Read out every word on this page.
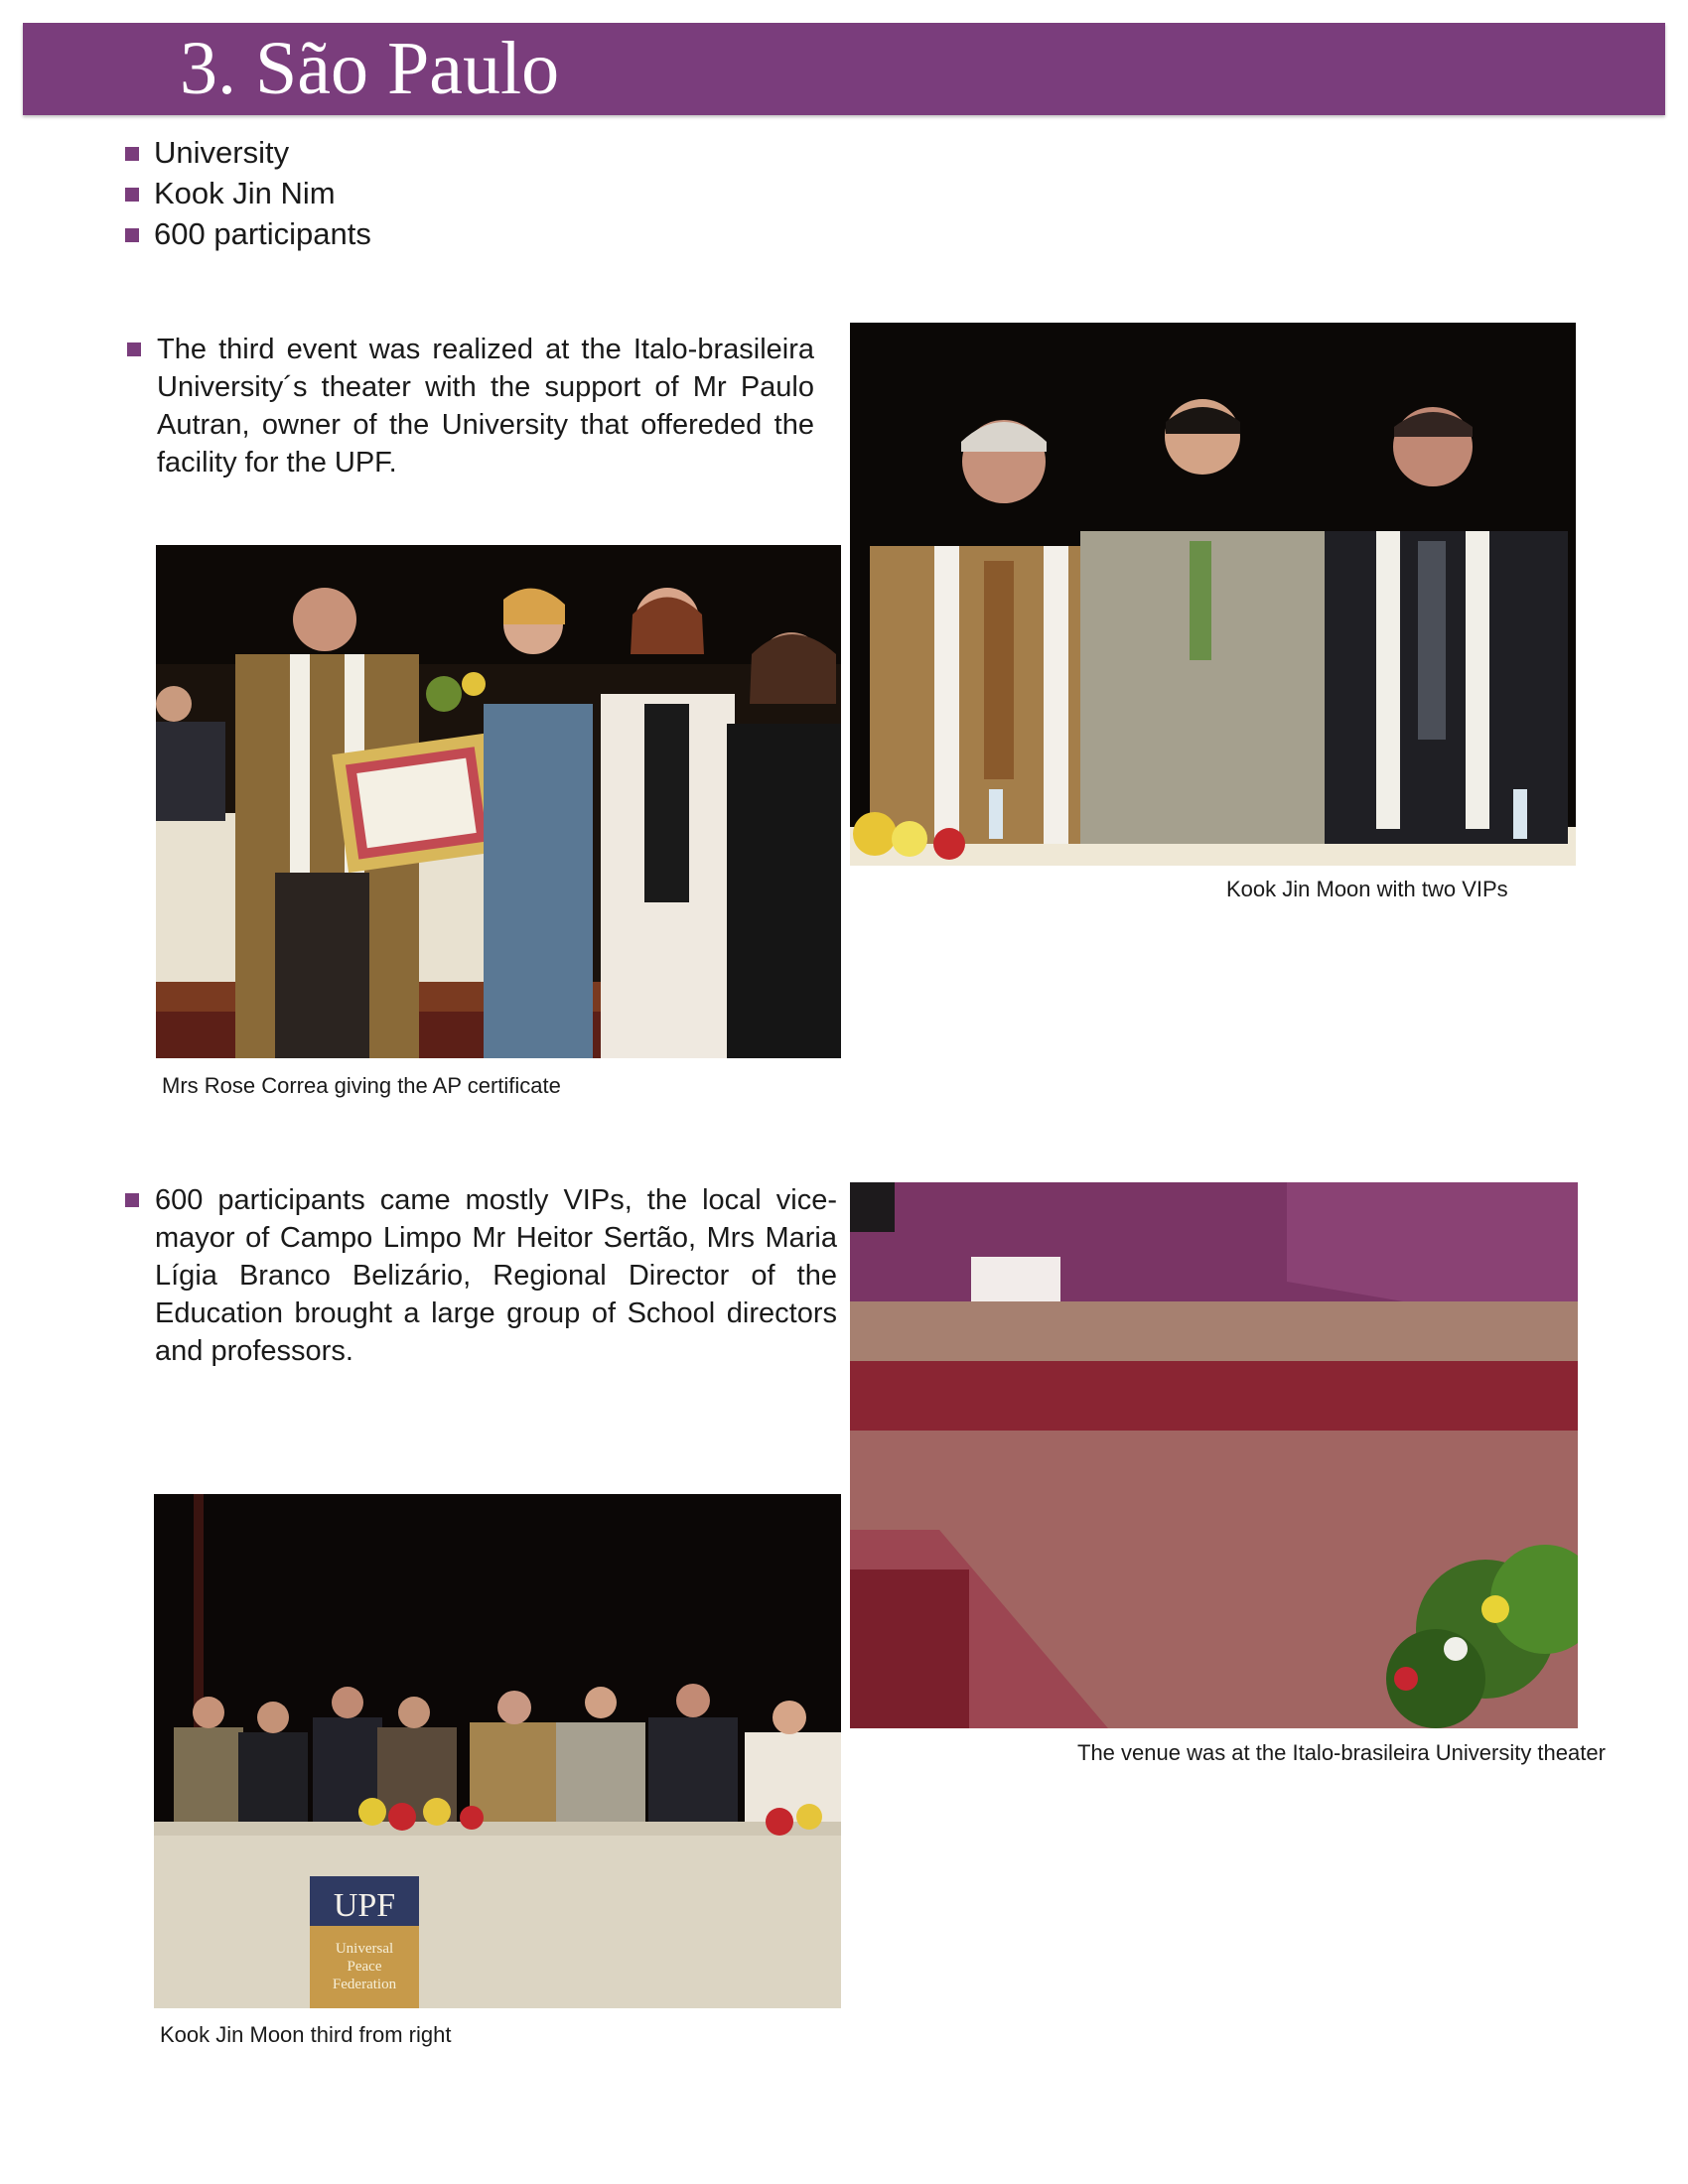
3. São Paulo
University
Kook Jin Nim
600 participants

The third event was realized at the Italo-brasileira University´s theater with the support of Mr Paulo Autran, owner of the University that offereded the facility for the UPF.

Mrs Rose Correa giving the AP certificate

Kook Jin Moon with two VIPs

600 participants came mostly VIPs, the local vice-mayor of Campo Limpo Mr Heitor Sertão, Mrs Maria Lígia Branco Belizário, Regional Director of the Education brought a large group of School directors and professors.

The venue was at the Italo-brasileira University theater

UPF
Universal
Peace
Federation

Kook Jin Moon third from right
